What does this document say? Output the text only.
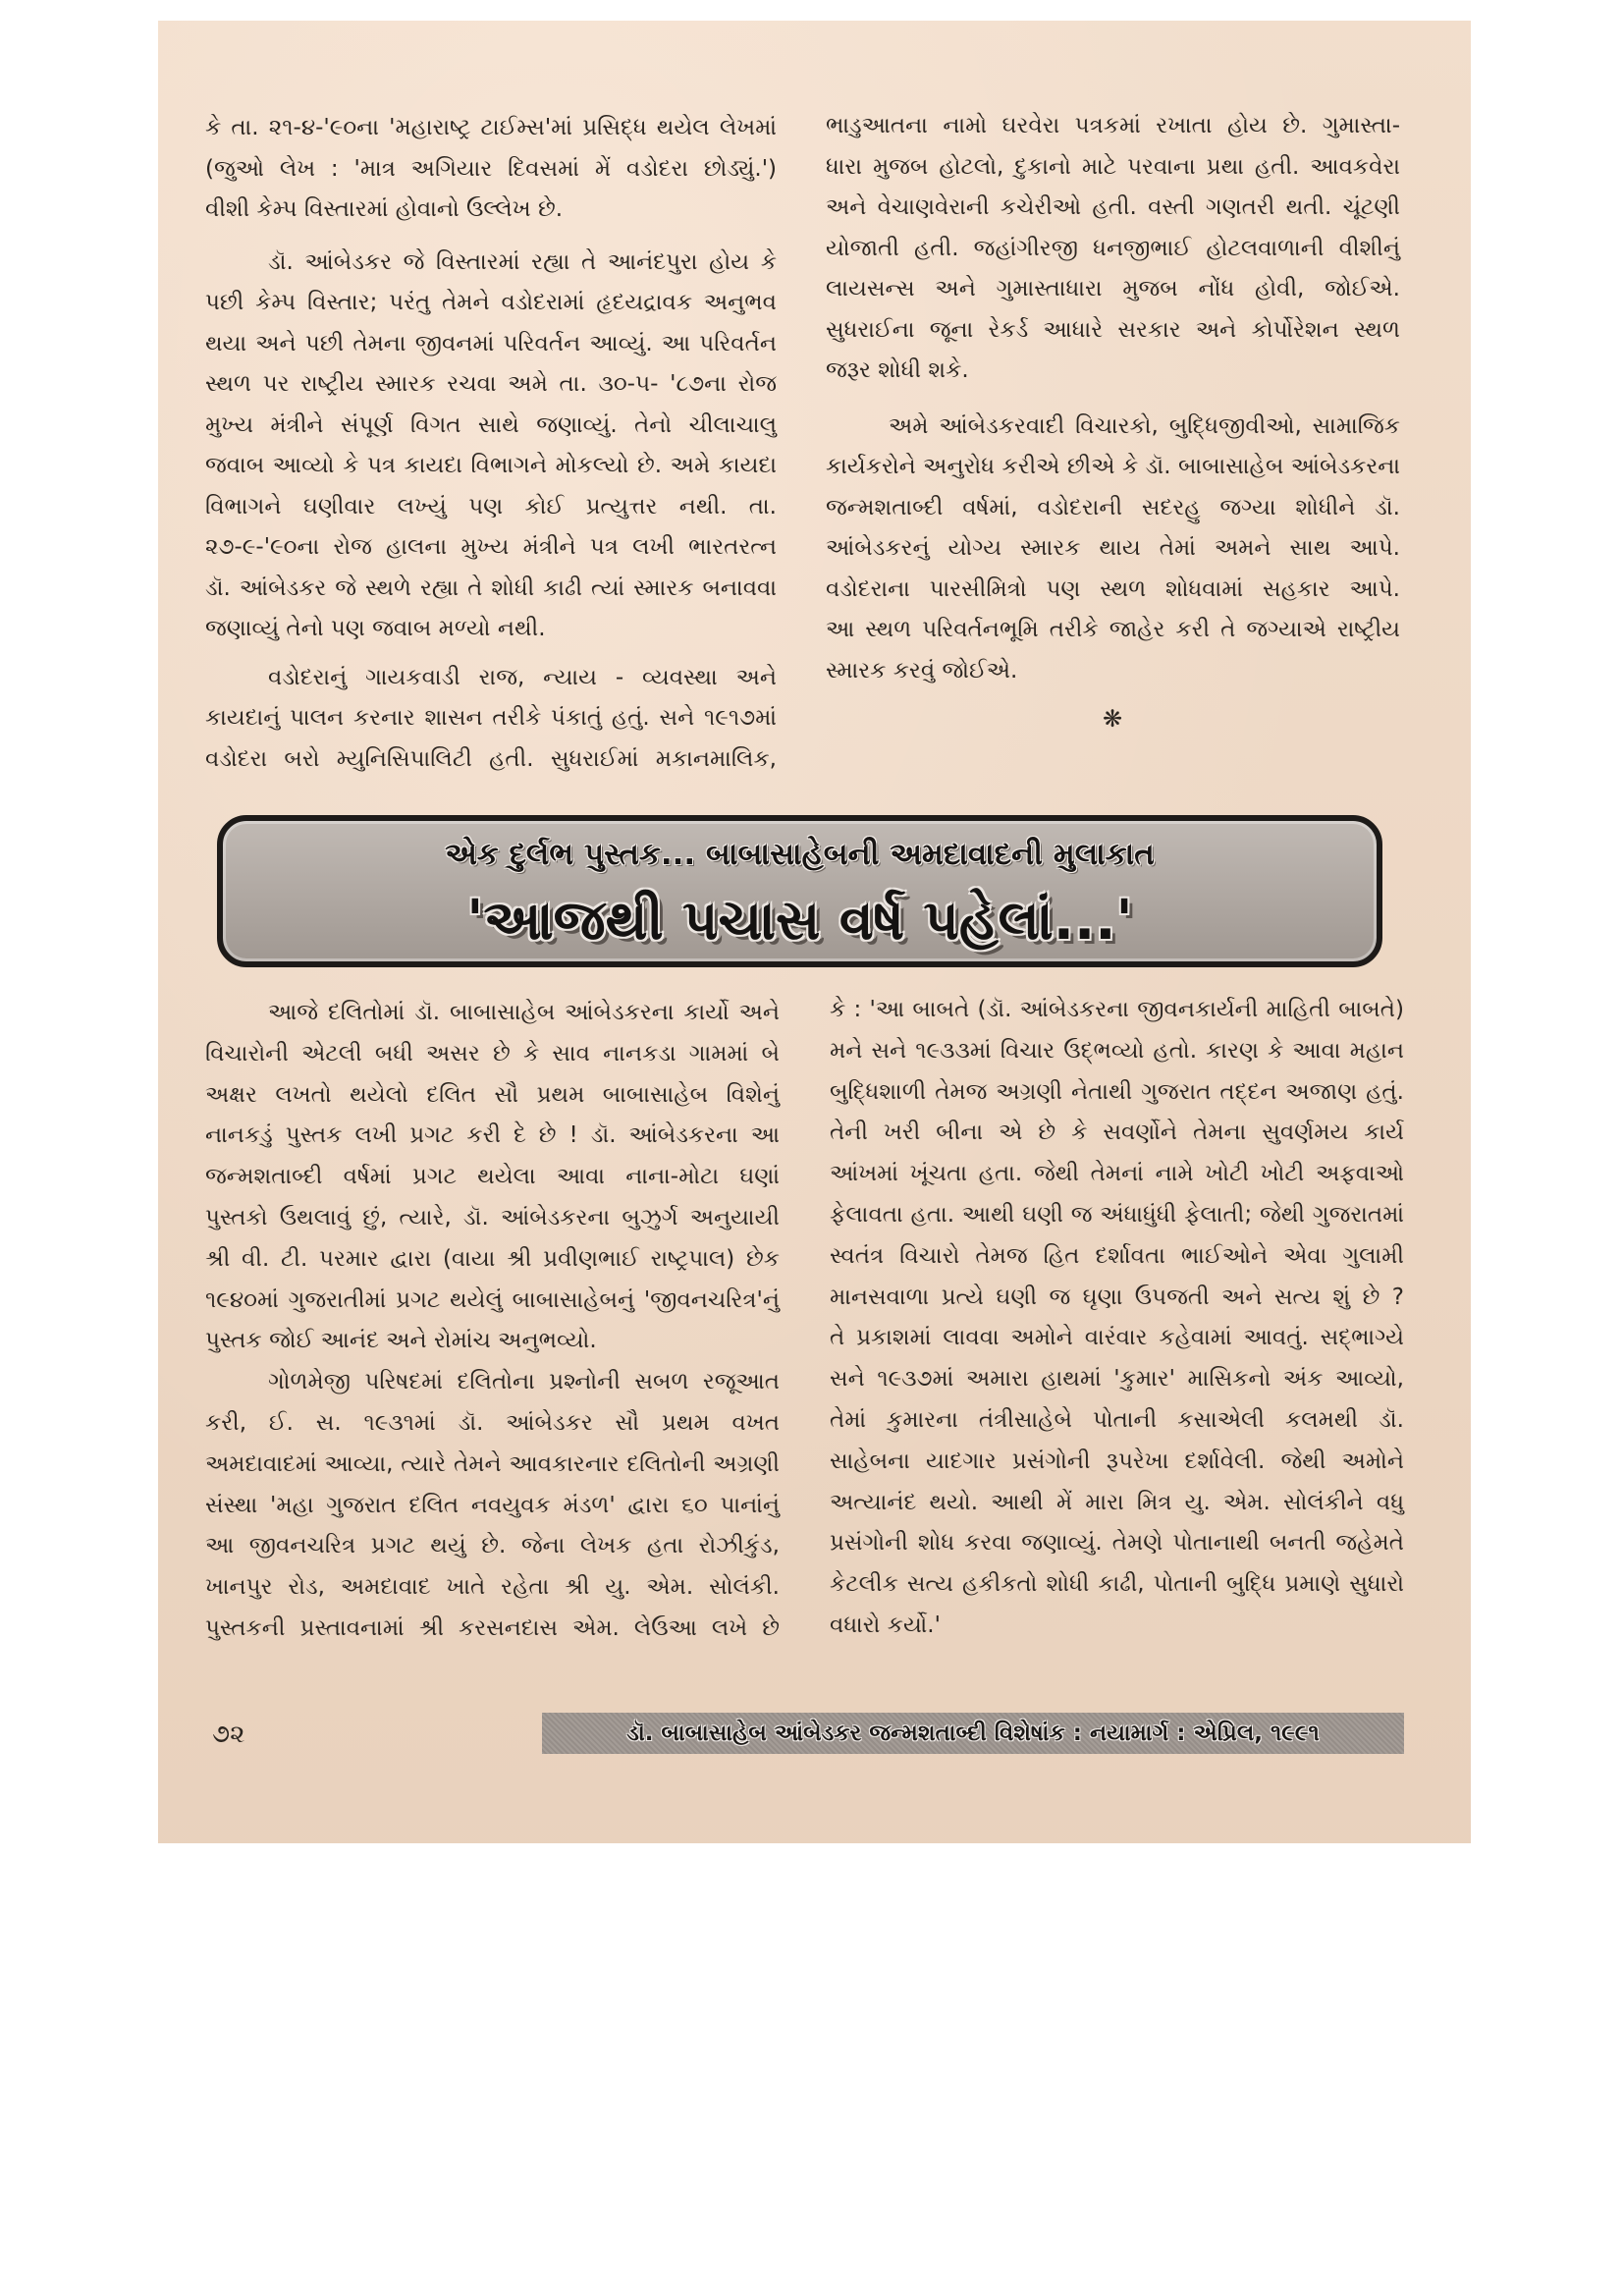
કે તા. ૨૧-૪-'૯૦ના 'મહારાષ્ટ્ર ટાઈમ્સ'માં પ્રસિદ્ધ થયેલ લેખમાં
(જુઓ લેખ : 'માત્ર અગિયાર દિવસમાં મેં વડોદરા છોડ્યું.')
વીશી કેમ્પ વિસ્તારમાં હોવાનો ઉલ્લેખ છે.
ડૉ. આંબેડકર જે વિસ્તારમાં રહ્યા તે આનંદપુરા હોય કે
પછી કેમ્પ વિસ્તાર; પરંતુ તેમને વડોદરામાં હૃદયદ્રાવક અનુભવ
થયા અને પછી તેમના જીવનમાં પરિવર્તન આવ્યું. આ પરિવર્તન
સ્થળ પર રાષ્ટ્રીય સ્મારક રચવા અમે તા. ૩૦-૫- '૮૭ના રોજ
મુખ્ય મંત્રીને સંપૂર્ણ વિગત સાથે જણાવ્યું. તેનો ચીલાચાલુ
જવાબ આવ્યો કે પત્ર કાયદા વિભાગને મોકલ્યો છે. અમે કાયદા
વિભાગને ઘણીવાર લખ્યું પણ કોઈ પ્રત્યુત્તર નથી. તા.
૨૭-૯-'૯૦ના રોજ હાલના મુખ્ય મંત્રીને પત્ર લખી ભારતરત્ન
ડૉ. આંબેડકર જે સ્થળે રહ્યા તે શોધી કાઢી ત્યાં સ્મારક બનાવવા
જણાવ્યું તેનો પણ જવાબ મળ્યો નથી.
વડોદરાનું ગાયકવાડી રાજ, ન્યાય - વ્યવસ્થા અને
કાયદાનું પાલન કરનાર શાસન તરીકે પંકાતું હતું. સને ૧૯૧૭માં
વડોદરા બરો મ્યુનિસિપાલિટી હતી. સુધરાઈમાં મકાનમાલિક,
ભાડુઆતના નામો ઘરવેરા પત્રકમાં રખાતા હોય છે. ગુમાસ્તા-
ધારા મુજબ હોટલો, દુકાનો માટે પરવાના પ્રથા હતી. આવકવેરા
અને વેચાણવેરાની કચેરીઓ હતી. વસ્તી ગણતરી થતી. ચૂંટણી
યોજાતી હતી. જહાંગીરજી ધનજીભાઈ હોટલવાળાની વીશીનું
લાયસન્સ અને ગુમાસ્તાધારા મુજબ નોંધ હોવી, જોઈએ.
સુધરાઈના જૂના રેકર્ડ આધારે સરકાર અને કોર્પોરેશન સ્થળ
જરૂર શોધી શકે.
અમે આંબેડકરવાદી વિચારકો, બુદ્ધિજીવીઓ, સામાજિક
કાર્યકરોને અનુરોધ કરીએ છીએ કે ડૉ. બાબાસાહેબ આંબેડકરના
જન્મશતાબ્દી વર્ષમાં, વડોદરાની સદરહુ જગ્યા શોધીને ડૉ.
આંબેડકરનું યોગ્ય સ્મારક થાય તેમાં અમને સાથ આપે.
વડોદરાના પારસીમિત્રો પણ સ્થળ શોધવામાં સહકાર આપે.
આ સ્થળ પરિવર્તનભૂમિ તરીકે જાહેર કરી તે જગ્યાએ રાષ્ટ્રીય
સ્મારક કરવું જોઈએ.
❋
એક દુર્લભ પુસ્તક... બાબાસાહેબની અમદાવાદની મુલાકાત
'આજથી પચાસ વર્ષ પહેલાં...'
આજે દલિતોમાં ડૉ. બાબાસાહેબ આંબેડકરના કાર્યો અને
વિચારોની એટલી બધી અસર છે કે સાવ નાનકડા ગામમાં બે
અક્ષર લખતો થયેલો દલિત સૌ પ્રથમ બાબાસાહેબ વિશેનું
નાનકડું પુસ્તક લખી પ્રગટ કરી દે છે ! ડૉ. આંબેડકરના આ
જન્મશતાબ્દી વર્ષમાં પ્રગટ થયેલા આવા નાના-મોટા ઘણાં
પુસ્તકો ઉથલાવું છું, ત્યારે, ડૉ. આંબેડકરના બુઝુર્ગ અનુયાયી
શ્રી વી. ટી. પરમાર દ્વારા (વાયા શ્રી પ્રવીણભાઈ રાષ્ટ્રપાલ) છેક
૧૯૪૦માં ગુજરાતીમાં પ્રગટ થયેલું બાબાસાહેબનું 'જીવનચરિત્ર'નું
પુસ્તક જોઈ આનંદ અને રોમાંચ અનુભવ્યો.
ગોળમેજી પરિષદમાં દલિતોના પ્રશ્નોની સબળ રજૂઆત
કરી, ઈ. સ. ૧૯૩૧માં ડૉ. આંબેડકર સૌ પ્રથમ વખત
અમદાવાદમાં આવ્યા, ત્યારે તેમને આવકારનાર દલિતોની અગ્રણી
સંસ્થા 'મહા ગુજરાત દલિત નવયુવક મંડળ' દ્વારા ૬૦ પાનાંનું
આ જીવનચરિત્ર પ્રગટ થયું છે. જેના લેખક હતા રોઝીકુંડ,
ખાનપુર રોડ, અમદાવાદ ખાતે રહેતા શ્રી યુ. એમ. સોલંકી.
પુસ્તકની પ્રસ્તાવનામાં શ્રી કરસનદાસ એમ. લેઉઆ લખે છે
કે : 'આ બાબતે (ડૉ. આંબેડકરના જીવનકાર્યની માહિતી બાબતે)
મને સને ૧૯૩૩માં વિચાર ઉદ્ભવ્યો હતો. કારણ કે આવા મહાન
બુદ્ધિશાળી તેમજ અગ્રણી નેતાથી ગુજરાત તદ્દન અજાણ હતું.
તેની ખરી બીના એ છે કે સવર્ણોને તેમના સુવર્ણમય કાર્ય
આંખમાં ખૂંચતા હતા. જેથી તેમનાં નામે ખોટી ખોટી અફવાઓ
ફેલાવતા હતા. આથી ઘણી જ અંધાધુંધી ફેલાતી; જેથી ગુજરાતમાં
સ્વતંત્ર વિચારો તેમજ હિત દર્શાવતા ભાઈઓને એવા ગુલામી
માનસવાળા પ્રત્યે ઘણી જ ઘૃણા ઉપજતી અને સત્ય શું છે ?
તે પ્રકાશમાં લાવવા અમોને વારંવાર કહેવામાં આવતું. સદ્ભાગ્યે
સને ૧૯૩૭માં અમારા હાથમાં 'કુમાર' માસિકનો અંક આવ્યો,
તેમાં કુમારના તંત્રીસાહેબે પોતાની કસાએલી કલમથી ડૉ.
સાહેબના યાદગાર પ્રસંગોની રૂપરેખા દર્શાવેલી. જેથી અમોને
અત્યાનંદ થયો. આથી મેં મારા મિત્ર યુ. એમ. સોલંકીને વધુ
પ્રસંગોની શોધ કરવા જણાવ્યું. તેમણે પોતાનાથી બનતી જહેમતે
કેટલીક સત્ય હકીકતો શોધી કાઢી, પોતાની બુદ્ધિ પ્રમાણે સુધારો
વધારો કર્યો.'
૭૨	ડૉ. બાબાસાહેબ આંબેડકર જન્મશતાબ્દી વિશેષાંક : નયામાર્ગ : એપ્રિલ, ૧૯૯૧
